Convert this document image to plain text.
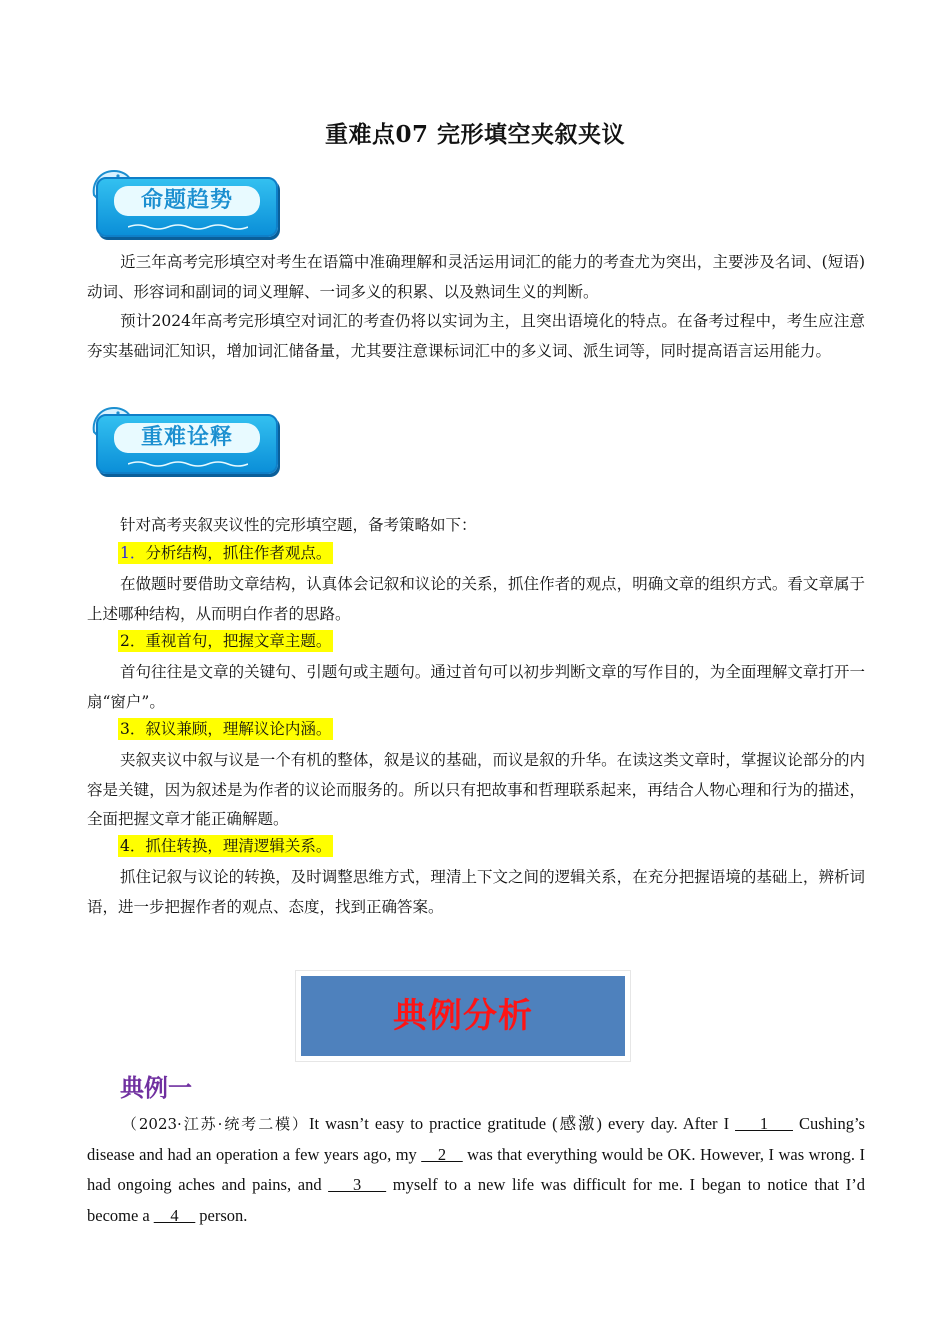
重难点07 完形填空夹叙夹议
命题趋势

近三年高考完形填空对考生在语篇中准确理解和灵活运用词汇的能力的考查尤为突出，主要涉及名词、(短语)动词、形容词和副词的词义理解、一词多义的积累、以及熟词生义的判断。

预计2024年高考完形填空对词汇的考查仍将以实词为主，且突出语境化的特点。在备考过程中，考生应注意夯实基础词汇知识，增加词汇储备量，尤其要注意课标词汇中的多义词、派生词等，同时提高语言运用能力。

重难诠释

针对高考夹叙夹议性的完形填空题，备考策略如下：

1．分析结构，抓住作者观点。

在做题时要借助文章结构，认真体会记叙和议论的关系，抓住作者的观点，明确文章的组织方式。看文章属于上述哪种结构，从而明白作者的思路。

2．重视首句，把握文章主题。

首句往往是文章的关键句、引题句或主题句。通过首句可以初步判断文章的写作目的，为全面理解文章打开一扇“窗户”。

3．叙议兼顾，理解议论内涵。

夹叙夹议中叙与议是一个有机的整体，叙是议的基础，而议是叙的升华。在读这类文章时，掌握议论部分的内容是关键，因为叙述是为作者的议论而服务的。所以只有把故事和哲理联系起来，再结合人物心理和行为的描述，全面把握文章才能正确解题。

4．抓住转换，理清逻辑关系。

抓住记叙与议论的转换，及时调整思维方式，理清上下文之间的逻辑关系，在充分把握语境的基础上，辨析词语，进一步把握作者的观点、态度，找到正确答案。

典例分析
典例一

（2023·江苏·统考二模）It wasn’t easy to practice gratitude (感激) every day. After I ___1___ Cushing’s disease and had an operation a few years ago, my __2__ was that everything would be OK. However, I was wrong. I had ongoing aches and pains, and ___3___ myself to a new life was difficult for me. I began to notice that I’d become a __4__ person.
